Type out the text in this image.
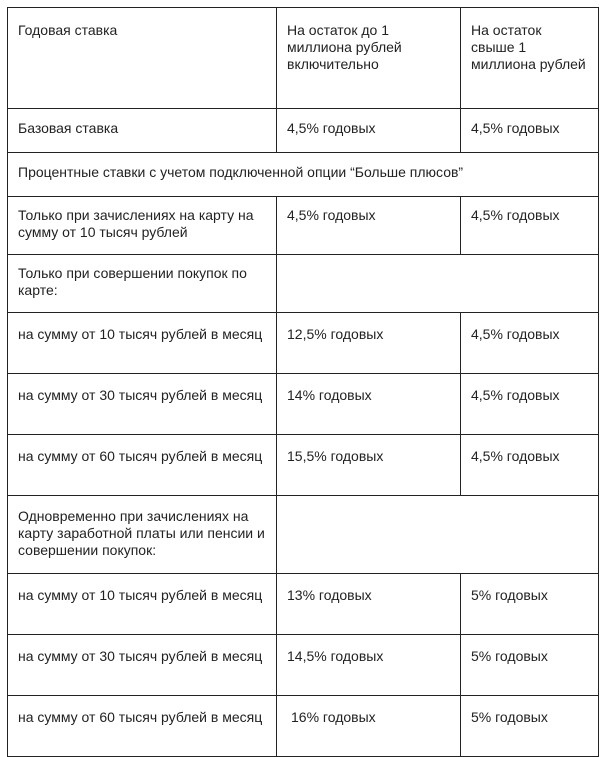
Годовая ставка	На остаток до 1 миллиона рублей включительно	На остаток свыше 1 миллиона рублей
Базовая ставка	4,5% годовых	4,5% годовых
Процентные ставки с учетом подключенной опции “Больше плюсов”		
Только при зачислениях на карту на сумму от 10 тысяч рублей	4,5% годовых	4,5% годовых
Только при совершении покупок по карте:		
на сумму от 10 тысяч рублей в месяц	12,5% годовых	4,5% годовых
на сумму от 30 тысяч рублей в месяц	14% годовых	4,5% годовых
на сумму от 60 тысяч рублей в месяц	15,5% годовых	4,5% годовых
Одновременно при зачислениях на карту заработной платы или пенсии и совершении покупок:		
на сумму от 10 тысяч рублей в месяц	13% годовых	5% годовых
на сумму от 30 тысяч рублей в месяц	14,5% годовых	5% годовых
на сумму от 60 тысяч рублей в месяц	16% годовых	5% годовых
